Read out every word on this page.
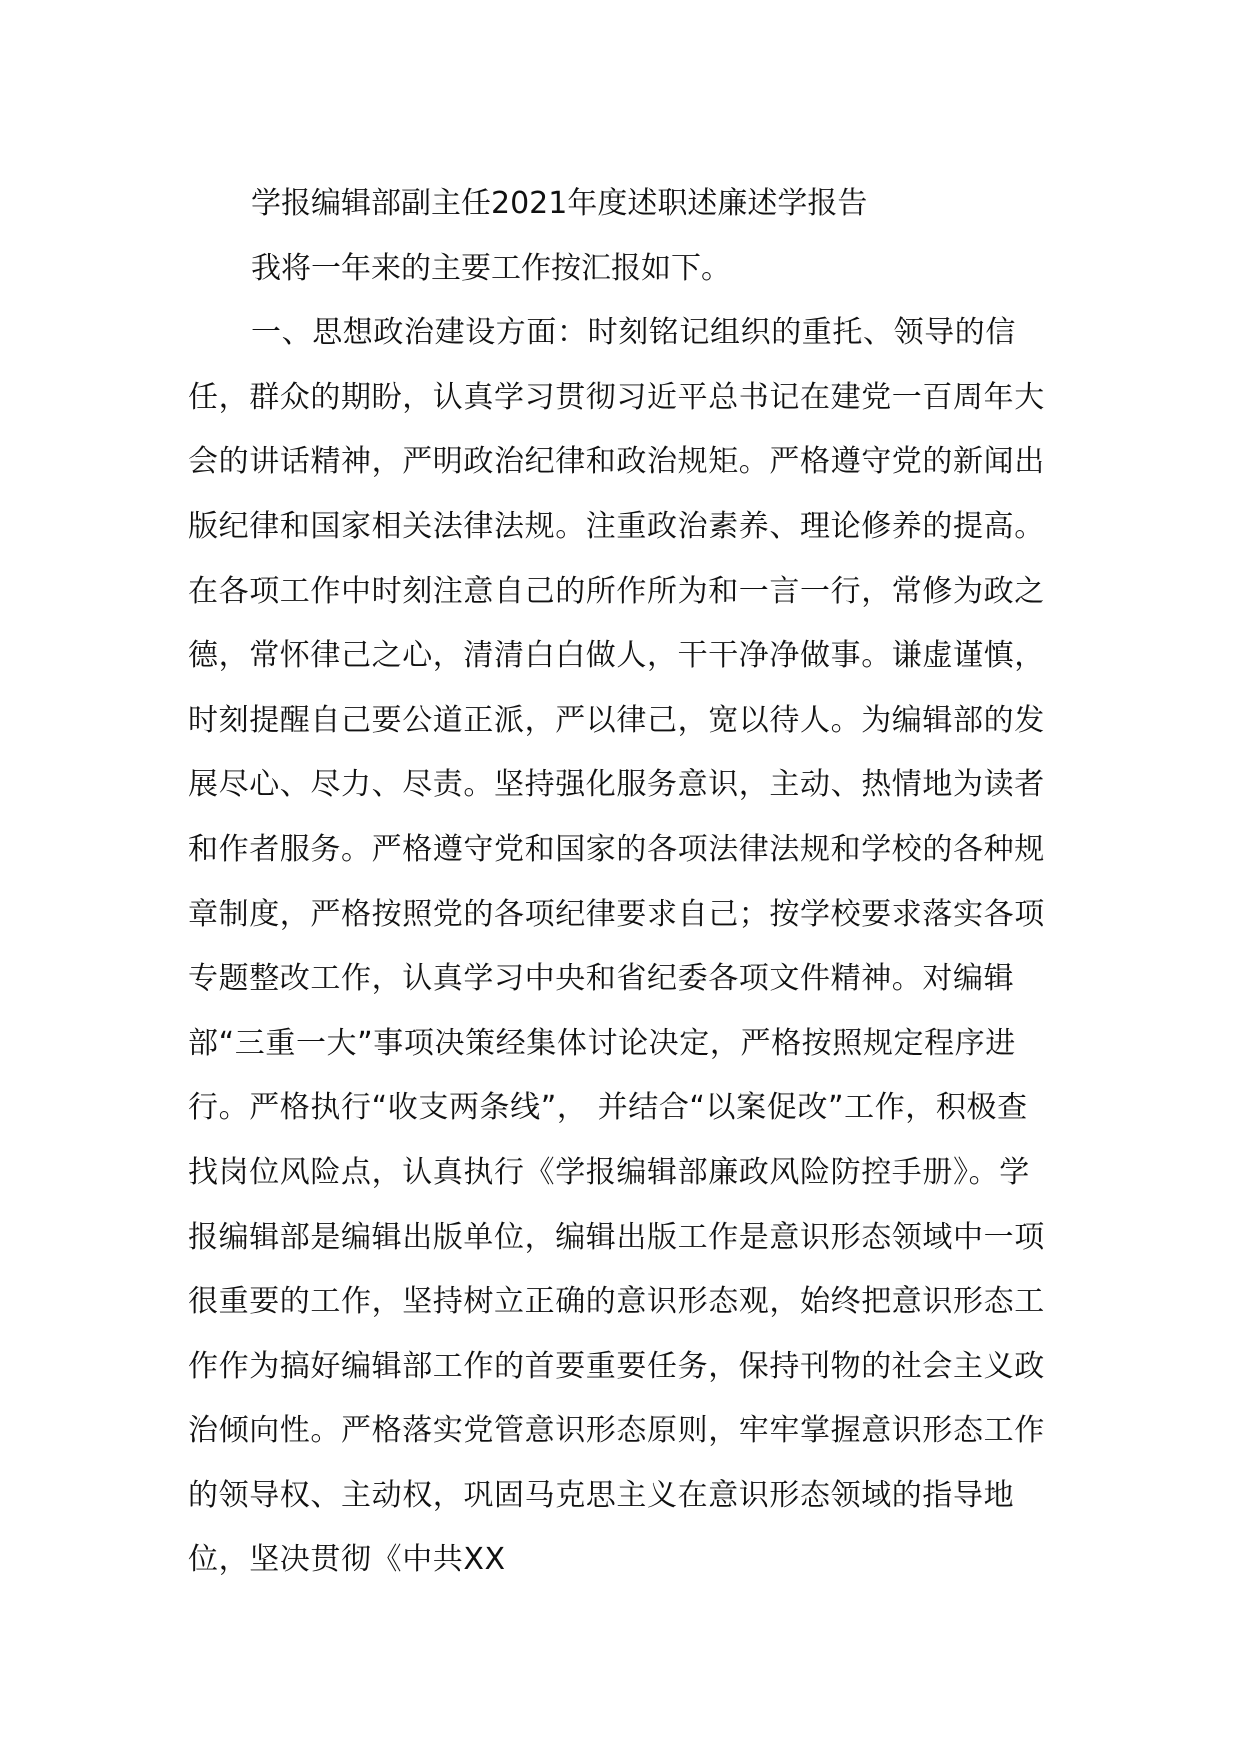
学报编辑部副主任2021年度述职述廉述学报告

我将一年来的主要工作按汇报如下。

一、思想政治建设方面：时刻铭记组织的重托、领导的信任，群众的期盼，认真学习贯彻习近平总书记在建党一百周年大会的讲话精神，严明政治纪律和政治规矩。严格遵守党的新闻出版纪律和国家相关法律法规。注重政治素养、理论修养的提高。在各项工作中时刻注意自己的所作所为和一言一行，常修为政之德，常怀律己之心，清清白白做人，干干净净做事。谦虚谨慎，时刻提醒自己要公道正派，严以律己，宽以待人。为编辑部的发展尽心、尽力、尽责。坚持强化服务意识，主动、热情地为读者和作者服务。严格遵守党和国家的各项法律法规和学校的各种规章制度，严格按照党的各项纪律要求自己；按学校要求落实各项专题整改工作，认真学习中央和省纪委各项文件精神。对编辑部“三重一大”事项决策经集体讨论决定，严格按照规定程序进行。严格执行“收支两条线”， 并结合“以案促改”工作，积极查找岗位风险点，认真执行《学报编辑部廉政风险防控手册》。学报编辑部是编辑出版单位，编辑出版工作是意识形态领域中一项很重要的工作，坚持树立正确的意识形态观，始终把意识形态工作作为搞好编辑部工作的首要重要任务，保持刊物的社会主义政治倾向性。严格落实党管意识形态原则，牢牢掌握意识形态工作的领导权、主动权，巩固马克思主义在意识形态领域的指导地位，坚决贯彻《中共XX
